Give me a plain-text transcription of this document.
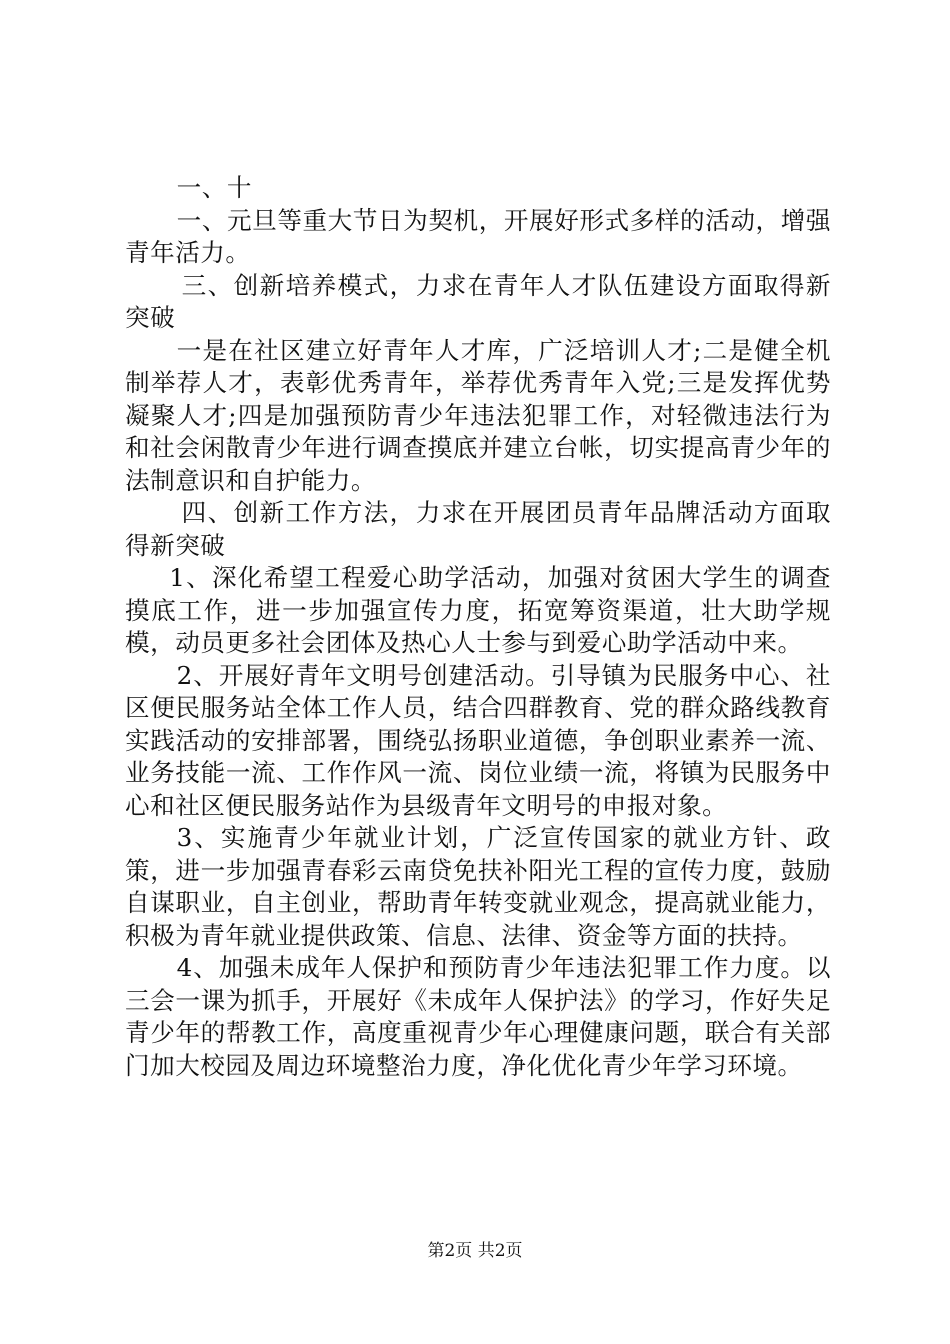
一、十

一、元旦等重大节日为契机，开展好形式多样的活动，增强青年活力。

三、创新培养模式，力求在青年人才队伍建设方面取得新突破

一是在社区建立好青年人才库，广泛培训人才;二是健全机制举荐人才，表彰优秀青年，举荐优秀青年入党;三是发挥优势凝聚人才;四是加强预防青少年违法犯罪工作，对轻微违法行为和社会闲散青少年进行调查摸底并建立台帐，切实提高青少年的法制意识和自护能力。

四、创新工作方法，力求在开展团员青年品牌活动方面取得新突破

1、深化希望工程爱心助学活动，加强对贫困大学生的调查摸底工作，进一步加强宣传力度，拓宽筹资渠道，壮大助学规模，动员更多社会团体及热心人士参与到爱心助学活动中来。

2、开展好青年文明号创建活动。引导镇为民服务中心、社区便民服务站全体工作人员，结合四群教育、党的群众路线教育实践活动的安排部署，围绕弘扬职业道德，争创职业素养一流、业务技能一流、工作作风一流、岗位业绩一流，将镇为民服务中心和社区便民服务站作为县级青年文明号的申报对象。

3、实施青少年就业计划，广泛宣传国家的就业方针、政策，进一步加强青春彩云南贷免扶补阳光工程的宣传力度，鼓励自谋职业，自主创业，帮助青年转变就业观念，提高就业能力，积极为青年就业提供政策、信息、法律、资金等方面的扶持。

4、加强未成年人保护和预防青少年违法犯罪工作力度。以三会一课为抓手，开展好《未成年人保护法》的学习，作好失足青少年的帮教工作，高度重视青少年心理健康问题，联合有关部门加大校园及周边环境整治力度，净化优化青少年学习环境。

第2页 共2页
